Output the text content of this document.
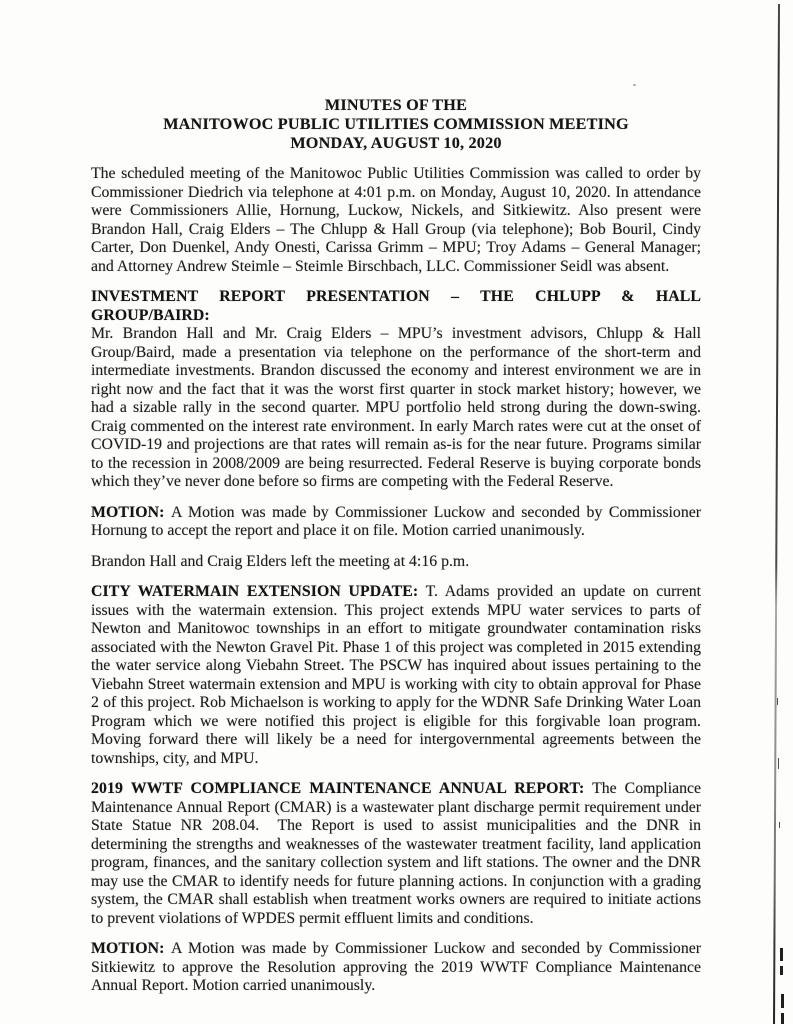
MINUTES OF THE
MANITOWOC PUBLIC UTILITIES COMMISSION MEETING
MONDAY, AUGUST 10, 2020

The scheduled meeting of the Manitowoc Public Utilities Commission was called to order by Commissioner Diedrich via telephone at 4:01 p.m. on Monday, August 10, 2020. In attendance were Commissioners Allie, Hornung, Luckow, Nickels, and Sitkiewitz. Also present were Brandon Hall, Craig Elders – The Chlupp & Hall Group (via telephone); Bob Bouril, Cindy Carter, Don Duenkel, Andy Onesti, Carissa Grimm – MPU; Troy Adams – General Manager; and Attorney Andrew Steimle – Steimle Birschbach, LLC. Commissioner Seidl was absent.

INVESTMENT REPORT PRESENTATION – THE CHLUPP & HALL GROUP/BAIRD:
Mr. Brandon Hall and Mr. Craig Elders – MPU’s investment advisors, Chlupp & Hall Group/Baird, made a presentation via telephone on the performance of the short-term and intermediate investments. Brandon discussed the economy and interest environment we are in right now and the fact that it was the worst first quarter in stock market history; however, we had a sizable rally in the second quarter. MPU portfolio held strong during the down-swing. Craig commented on the interest rate environment. In early March rates were cut at the onset of COVID-19 and projections are that rates will remain as-is for the near future. Programs similar to the recession in 2008/2009 are being resurrected. Federal Reserve is buying corporate bonds which they’ve never done before so firms are competing with the Federal Reserve.

MOTION: A Motion was made by Commissioner Luckow and seconded by Commissioner Hornung to accept the report and place it on file. Motion carried unanimously.

Brandon Hall and Craig Elders left the meeting at 4:16 p.m.

CITY WATERMAIN EXTENSION UPDATE: T. Adams provided an update on current issues with the watermain extension. This project extends MPU water services to parts of Newton and Manitowoc townships in an effort to mitigate groundwater contamination risks associated with the Newton Gravel Pit. Phase 1 of this project was completed in 2015 extending the water service along Viebahn Street. The PSCW has inquired about issues pertaining to the Viebahn Street watermain extension and MPU is working with city to obtain approval for Phase 2 of this project. Rob Michaelson is working to apply for the WDNR Safe Drinking Water Loan Program which we were notified this project is eligible for this forgivable loan program. Moving forward there will likely be a need for intergovernmental agreements between the townships, city, and MPU.

2019 WWTF COMPLIANCE MAINTENANCE ANNUAL REPORT: The Compliance Maintenance Annual Report (CMAR) is a wastewater plant discharge permit requirement under State Statue NR 208.04.  The Report is used to assist municipalities and the DNR in determining the strengths and weaknesses of the wastewater treatment facility, land application program, finances, and the sanitary collection system and lift stations. The owner and the DNR may use the CMAR to identify needs for future planning actions. In conjunction with a grading system, the CMAR shall establish when treatment works owners are required to initiate actions to prevent violations of WPDES permit effluent limits and conditions.

MOTION: A Motion was made by Commissioner Luckow and seconded by Commissioner Sitkiewitz to approve the Resolution approving the 2019 WWTF Compliance Maintenance Annual Report. Motion carried unanimously.
